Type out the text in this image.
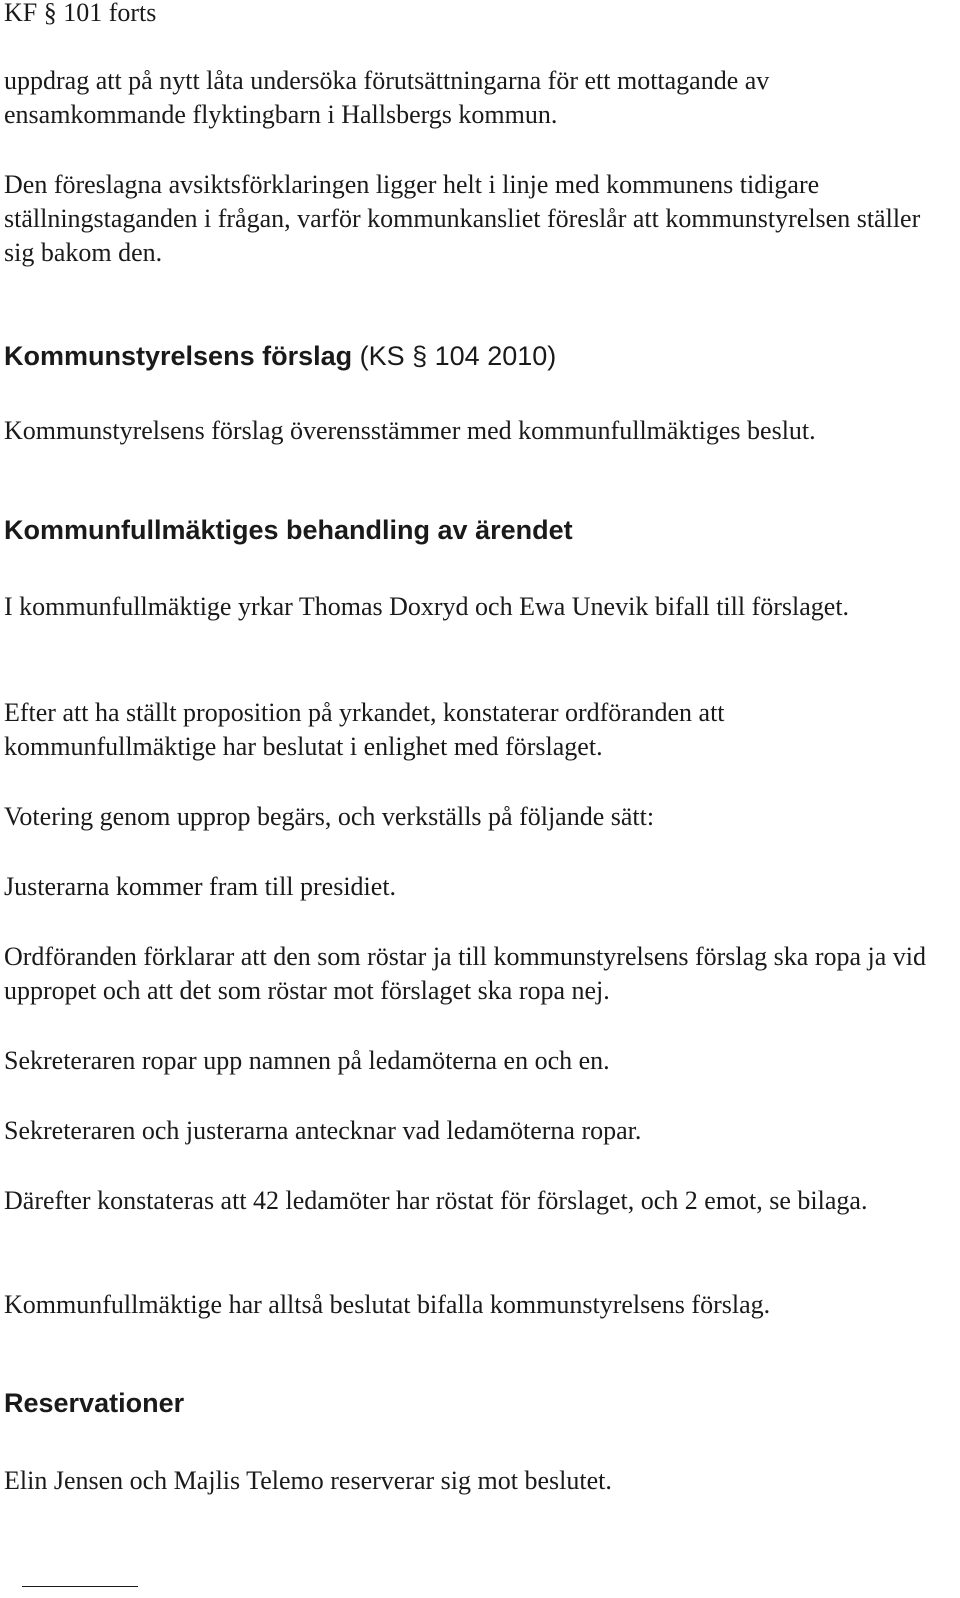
KF § 101 forts

uppdrag att på nytt låta undersöka förutsättningarna för ett mottagande av ensamkommande flyktingbarn i Hallsbergs kommun.

Den föreslagna avsiktsförklaringen ligger helt i linje med kommunens tidigare ställningstaganden i frågan, varför kommunkansliet föreslår att kommunstyrelsen ställer sig bakom den.

Kommunstyrelsens förslag (KS § 104 2010)

Kommunstyrelsens förslag överensstämmer med kommunfullmäktiges beslut.

Kommunfullmäktiges behandling av ärendet

I kommunfullmäktige yrkar Thomas Doxryd och Ewa Unevik bifall till förslaget.

Efter att ha ställt proposition på yrkandet, konstaterar ordföranden att kommunfullmäktige har beslutat i enlighet med förslaget.

Votering genom upprop begärs, och verkställs på följande sätt:

Justerarna kommer fram till presidiet.

Ordföranden förklarar att den som röstar ja till kommunstyrelsens förslag ska ropa ja vid uppropet och att det som röstar mot förslaget ska ropa nej.

Sekreteraren ropar upp namnen på ledamöterna en och en.

Sekreteraren och justerarna antecknar vad ledamöterna ropar.

Därefter konstateras att 42 ledamöter har röstat för förslaget, och 2 emot, se bilaga.

Kommunfullmäktige har alltså beslutat bifalla kommunstyrelsens förslag.

Reservationer

Elin Jensen och Majlis Telemo reserverar sig mot beslutet.
